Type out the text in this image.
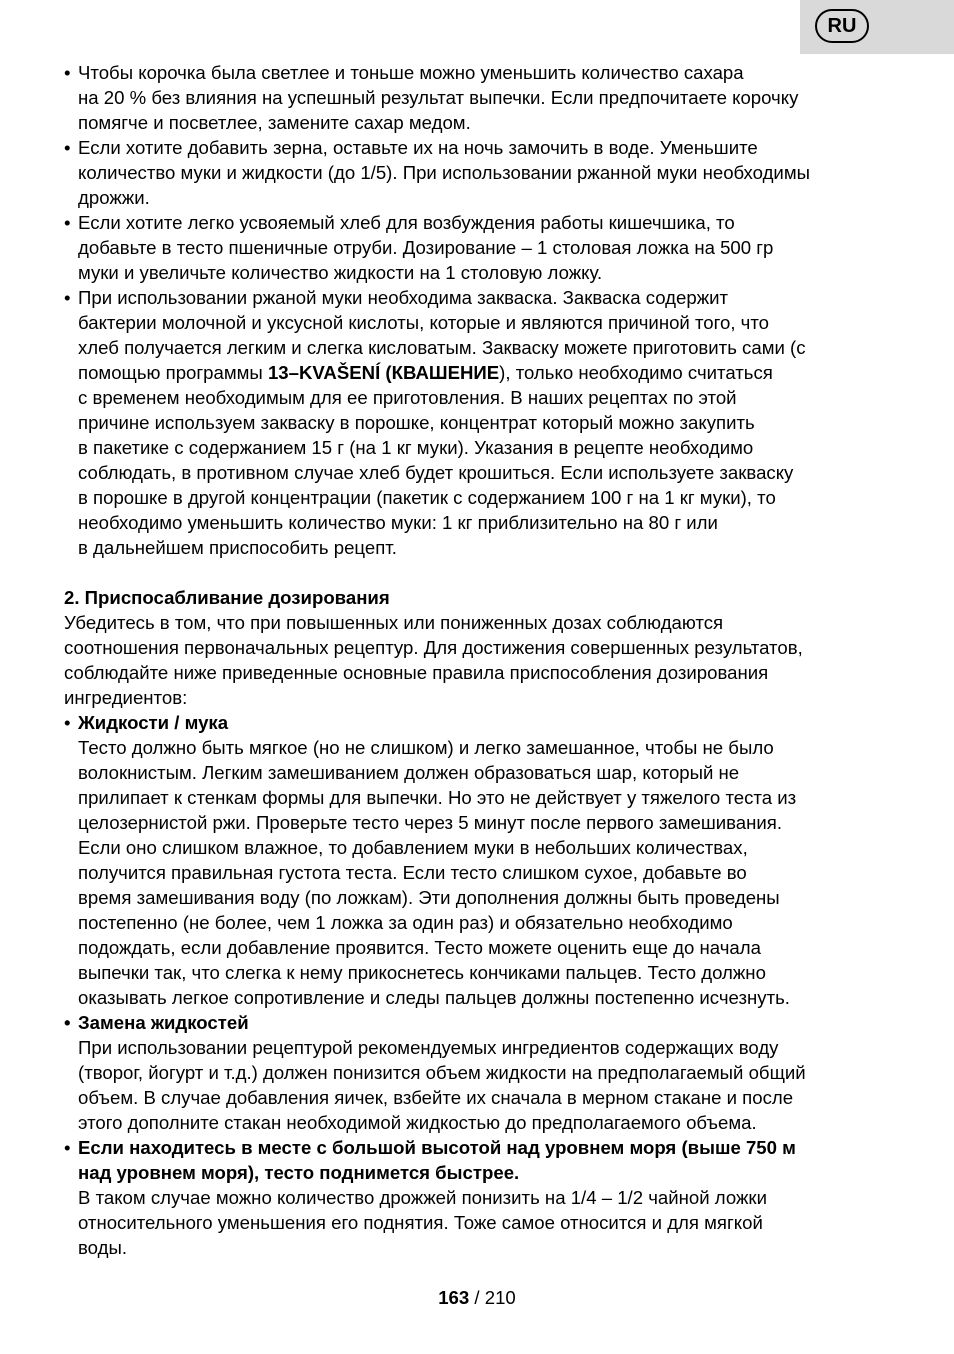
RU
• Чтобы корочка была светлее и тоньше можно уменьшить количество сахара
на 20 % без влияния на успешный результат выпечки. Если предпочитаете корочку
помягче и посветлее, замените сахар медом.
• Если хотите добавить зерна, оставьте их на ночь замочить в воде. Уменьшите
количество муки и жидкости (до 1/5). При использовании ржанной муки необходимы
дрожжи.
• Если хотите легко усвояемый хлеб для возбуждения работы кишечшика, то
добавьте в тесто пшеничные отруби. Дозирование – 1 столовая ложка на 500 гр
муки и увеличьте количество жидкости на 1 столовую ложку.
• При использовании ржаной муки необходима закваска. Закваска содержит
бактерии молочной и уксусной кислоты, которые и являются причиной того, что
хлеб получается легким и слегка кисловатым. Закваску можете приготовить сами (с
помощью программы 13–KVAŠENÍ (КВАШЕНИЕ), только необходимо считаться
с временем необходимым для ее приготовления. В наших рецептах по этой
причине используем закваску в порошке, концентрат который можно закупить
в пакетике с содержанием 15 г (на 1 кг муки). Указания в рецепте необходимо
соблюдать, в противном случае хлеб будет крошиться. Если используете закваску
в порошке в другой концентрации (пакетик с содержанием 100 г на 1 кг муки), то
необходимо уменьшить количество муки: 1 кг приблизительно на 80 г или
в дальнейшем приспособить рецепт.
2. Приспосабливание дозирования
Убедитесь в том, что при повышенных или пониженных дозах соблюдаются
соотношения первоначальных рецептур. Для достижения совершенных результатов,
соблюдайте ниже приведенные основные правила приспособления дозирования
ингредиентов:
• Жидкости / мука
Тесто должно быть мягкое (но не слишком) и легко замешанное, чтобы не было
волокнистым. Легким замешиванием должен образоваться шар, который не
прилипает к стенкам формы для выпечки. Но это не действует у тяжелого теста из
целозернистой ржи. Проверьте тесто через 5 минут после первого замешивания.
Если оно слишком влажное, то добавлением муки в небольших количествах,
получится правильная густота теста. Если тесто слишком сухое, добавьте во
время замешивания воду (по ложкам). Эти дополнения должны быть проведены
постепенно (не более, чем 1 ложка за один раз) и обязательно необходимо
подождать, если добавление проявится. Тесто можете оценить еще до начала
выпечки так, что слегка к нему прикоснетесь кончиками пальцев. Тесто должно
оказывать легкое сопротивление и следы пальцев должны постепенно исчезнуть.
• Замена жидкостей
При использовании рецептурой рекомендуемых ингредиентов содержащих воду
(творог, йогурт и т.д.) должен понизится объем жидкости на предполагаемый общий
объем. В случае добавления яичек, взбейте их сначала в мерном стакане и после
этого дополните стакан необходимой жидкостью до предполагаемого объема.
• Если находитесь в месте с большой высотой над уровнем моря (выше 750 м
над уровнем моря), тесто поднимется быстрее.
В таком случае можно количество дрожжей понизить на 1/4 – 1/2 чайной ложки
относительного уменьшения его поднятия. Тоже самое относится и для мягкой
воды.
163 / 210
